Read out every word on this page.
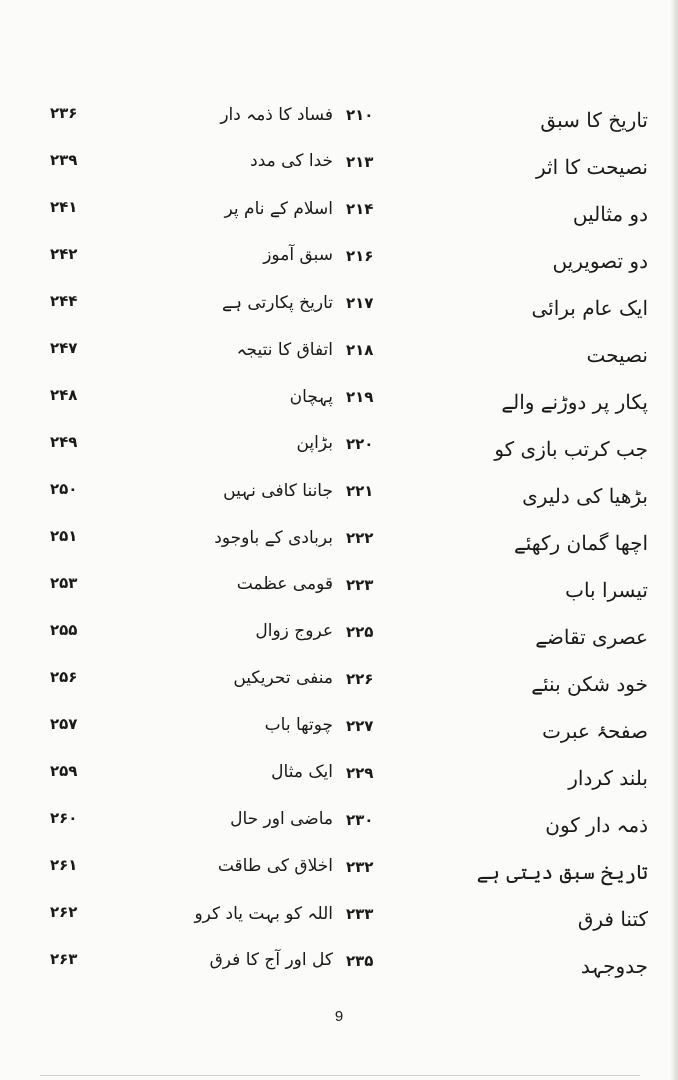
تاریخ کا سبق
۲۱۰
فساد کا ذمہ دار
۲۳۶
نصیحت کا اثر
۲۱۳
خدا کی مدد
۲۳۹
دو مثالیں
۲۱۴
اسلام کے نام پر
۲۴۱
دو تصویریں
۲۱۶
سبق آموز
۲۴۲
ایک عام برائی
۲۱۷
تاریخ پکارتی ہے
۲۴۴
نصیحت
۲۱۸
اتفاق کا نتیجہ
۲۴۷
پکار پر دوڑنے والے
۲۱۹
پہچان
۲۴۸
جب کرتب بازی کو
۲۲۰
بڑاپن
۲۴۹
بڑھیا کی دلیری
۲۲۱
جاننا کافی نہیں
۲۵۰
اچھا گمان رکھئے
۲۲۲
بربادی کے باوجود
۲۵۱
تیسرا باب
۲۲۳
قومی عظمت
۲۵۳
عصری تقاضے
۲۲۵
عروج زوال
۲۵۵
خود شکن بنئے
۲۲۶
منفی تحریکیں
۲۵۶
صفحۂ عبرت
۲۲۷
چوتھا باب
۲۵۷
بلند کردار
۲۲۹
ایک مثال
۲۵۹
ذمہ دار کون
۲۳۰
ماضی اور حال
۲۶۰
تاریخ سبق دیتی ہے
۲۳۲
اخلاق کی طاقت
۲۶۱
کتنا فرق
۲۳۳
اللہ کو بہت یاد کرو
۲۶۲
جدوجہد
۲۳۵
کل اور آج کا فرق
۲۶۳
9
